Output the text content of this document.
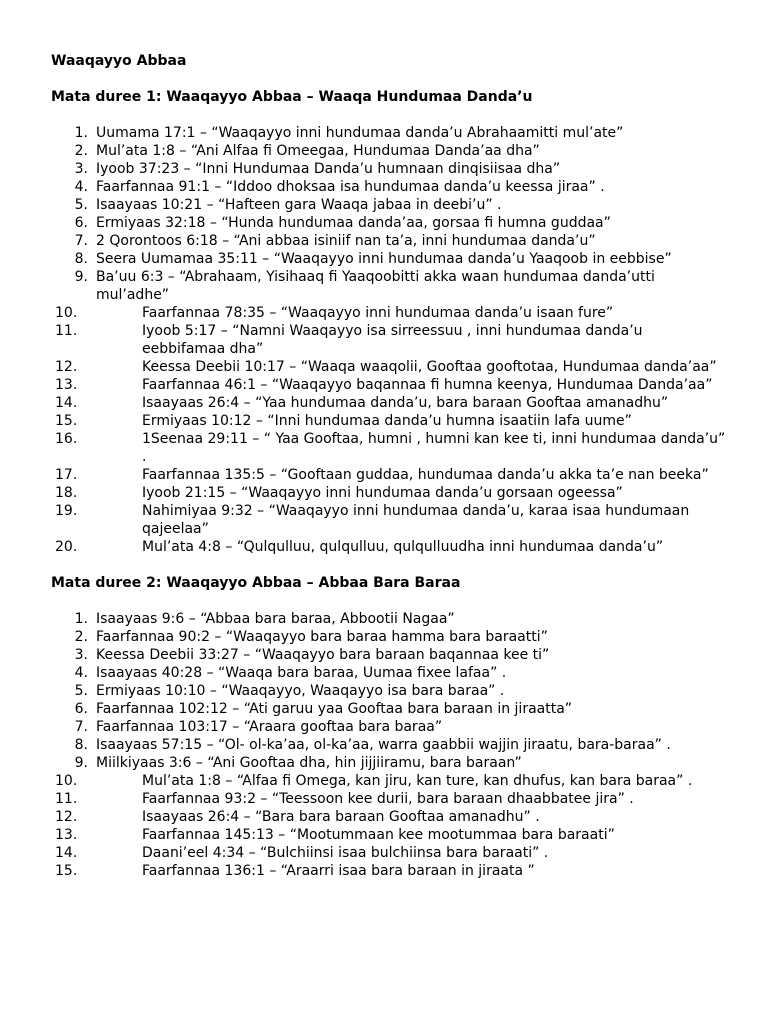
Waaqayyo Abbaa
Mata duree 1: Waaqayyo Abbaa – Waaqa Hundumaa Danda’u
1. Uumama 17:1 – “Waaqayyo inni hundumaa danda’u Abrahaamitti mul’ate”
2. Mul’ata 1:8 – “Ani Alfaa fi Omeegaa, Hundumaa Danda’aa dha”
3. Iyoob 37:23 – “Inni Hundumaa Danda’u humnaan dinqisiisaa dha”
4. Faarfannaa 91:1 – “Iddoo dhoksaa isa hundumaa danda’u keessa jiraa” .
5. Isaayaas 10:21 – “Hafteen gara Waaqa jabaa in deebi’u” .
6. Ermiyaas 32:18 – “Hunda hundumaa danda’aa, gorsaa fi humna guddaa”
7. 2 Qorontoos 6:18 – “Ani abbaa isiniif nan ta’a, inni hundumaa danda’u”
8. Seera Uumamaa 35:11 – “Waaqayyo inni hundumaa danda’u Yaaqoob in eebbise”
9. Ba’uu 6:3 – “Abrahaam, Yisihaaq fi Yaaqoobitti akka waan hundumaa danda’utti mul’adhe”
10.	Faarfannaa 78:35 – “Waaqayyo inni hundumaa danda’u isaan fure”
11.	Iyoob 5:17 – “Namni Waaqayyo isa sirreessuu , inni hundumaa danda’u eebbifamaa dha”
12.	Keessa Deebii 10:17 – “Waaqa waaqolii, Gooftaa gooftotaa, Hundumaa danda’aa”
13.	Faarfannaa 46:1 – “Waaqayyo baqannaa fi humna keenya, Hundumaa Danda’aa”
14.	Isaayaas 26:4 – “Yaa hundumaa danda’u, bara baraan Gooftaa amanadhu”
15.	Ermiyaas 10:12 – “Inni hundumaa danda’u humna isaatiin lafa uume”
16.	1Seenaa 29:11 – “ Yaa Gooftaa, humni , humni kan kee ti, inni hundumaa danda’u” .
17.	Faarfannaa 135:5 – “Gooftaan guddaa, hundumaa danda’u akka ta’e nan beeka”
18.	Iyoob 21:15 – “Waaqayyo inni hundumaa danda’u gorsaan ogeessa”
19.	Nahimiyaa 9:32 – “Waaqayyo inni hundumaa danda’u, karaa isaa hundumaan qajeelaa”
20.	Mul’ata 4:8 – “Qulqulluu, qulqulluu, qulqulluudha inni hundumaa danda’u”
Mata duree 2: Waaqayyo Abbaa – Abbaa Bara Baraa
1. Isaayaas 9:6 – “Abbaa bara baraa, Abbootii Nagaa”
2. Faarfannaa 90:2 – “Waaqayyo bara baraa hamma bara baraatti”
3. Keessa Deebii 33:27 – “Waaqayyo bara baraan baqannaa kee ti”
4. Isaayaas 40:28 – “Waaqa bara baraa, Uumaa fixee lafaa” .
5. Ermiyaas 10:10 – “Waaqayyo, Waaqayyo isa bara baraa” .
6. Faarfannaa 102:12 – “Ati garuu yaa Gooftaa bara baraan in jiraatta”
7. Faarfannaa 103:17 – “Araara gooftaa bara baraa”
8. Isaayaas 57:15 – “Ol- ol-ka’aa, ol-ka’aa, warra gaabbii wajjin jiraatu, bara-baraa” .
9. Miilkiyaas 3:6 – “Ani Gooftaa dha, hin jijjiiramu, bara baraan”
10.	Mul’ata 1:8 – “Alfaa fi Omega, kan jiru, kan ture, kan dhufus, kan bara baraa” .
11.	Faarfannaa 93:2 – “Teessoon kee durii, bara baraan dhaabbatee jira” .
12.	Isaayaas 26:4 – “Bara bara baraan Gooftaa amanadhu” .
13.	Faarfannaa 145:13 – “Mootummaan kee mootummaa bara baraati”
14.	Daani’eel 4:34 – “Bulchiinsi isaa bulchiinsa bara baraati” .
15.	Faarfannaa 136:1 – “Araarri isaa bara baraan in jiraata ”
